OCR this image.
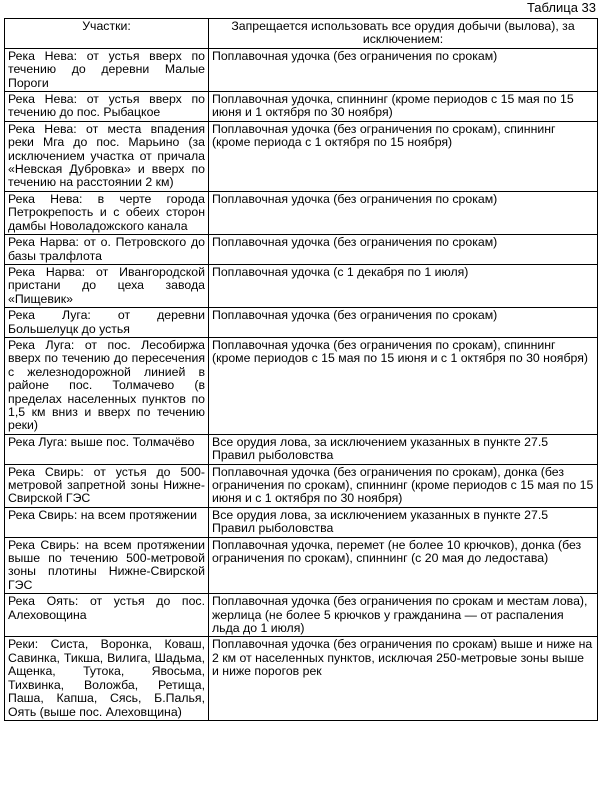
Таблица 33
Участки:	Запрещается использовать все орудия добычи (вылова), за исключением:
Река Нева: от устья вверх по течению до деревни Малые Пороги	Поплавочная удочка (без ограничения по срокам)
Река Нева: от устья вверх по течению до пос. Рыбацкое	Поплавочная удочка, спиннинг (кроме периодов с 15 мая по 15 июня и 1 октября по 30 ноября)
Река Нева: от места впадения реки Мга до пос. Марьино (за исключением участка от причала «Невская Дубровка» и вверх по течению на расстоянии 2 км)	Поплавочная удочка (без ограничения по срокам), спиннинг (кроме периода с 1 октября по 15 ноября)
Река Нева: в черте города Петрокрепость и с обеих сторон дамбы Новоладожского канала	Поплавочная удочка (без ограничения по срокам)
Река Нарва: от о. Петровского до базы тралфлота	Поплавочная удочка (без ограничения по срокам)
Река Нарва: от Ивангородской пристани до цеха завода «Пищевик»	Поплавочная удочка (с 1 декабря по 1 июля)
Река Луга: от деревни Большелуцк до устья	Поплавочная удочка (без ограничения по срокам)
Река Луга: от пос. Лесобиржа вверх по течению до пересечения с железнодорожной линией в районе пос. Толмачево (в пределах населенных пунктов по 1,5 км вниз и вверх по течению реки)	Поплавочная удочка (без ограничения по срокам), спиннинг (кроме периодов с 15 мая по 15 июня и с 1 октября по 30 ноября)
Река Луга: выше пос. Толмачёво	Все орудия лова, за исключением указанных в пункте 27.5 Правил рыболовства
Река Свирь: от устья до 500-метровой запретной зоны Нижне-Свирской ГЭС	Поплавочная удочка (без ограничения по срокам), донка (без ограничения по срокам), спиннинг (кроме периодов с 15 мая по 15 июня и с 1 октября по 30 ноября)
Река Свирь: на всем протяжении	Все орудия лова, за исключением указанных в пункте 27.5 Правил рыболовства
Река Свирь: на всем протяжении выше по течению 500-метровой зоны плотины Нижне-Свирской ГЭС	Поплавочная удочка, перемет (не более 10 крючков), донка (без ограничения по срокам), спиннинг (с 20 мая до ледостава)
Река Оять: от устья до пос. Алеховощина	Поплавочная удочка (без ограничения по срокам и местам лова), жерлица (не более 5 крючков у гражданина — от распаления льда до 1 июля)
Реки: Систа, Воронка, Коваш, Савинка, Тикша, Вилига, Шадьма, Ащенка, Тутока, Явосьма, Тихвинка, Воложба, Ретища, Паша, Капша, Сясь, Б.Палья, Оять (выше пос. Алеховщина)	Поплавочная удочка (без ограничения по срокам) выше и ниже на 2 км от населенных пунктов, исключая 250-метровые зоны выше и ниже порогов рек
